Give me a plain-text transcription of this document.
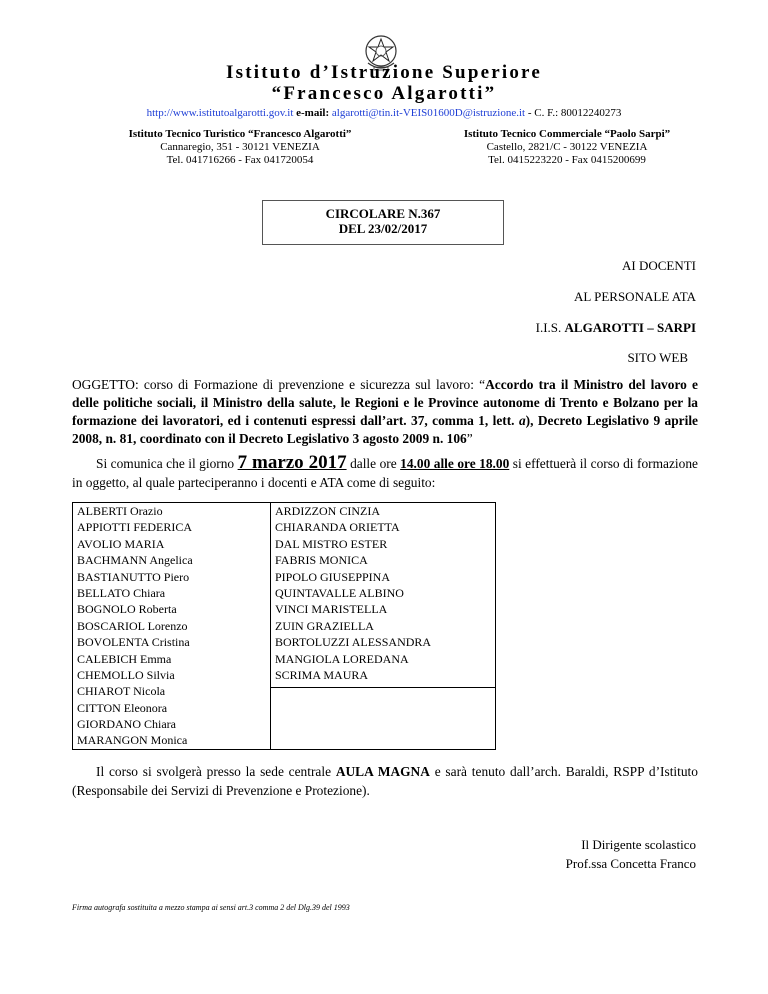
Istituto d’Istruzione Superiore
“Francesco Algarotti”
http://www.istitutoalgarotti.gov.it e-mail: algarotti@tin.it-VEIS01600D@istruzione.it - C. F.: 80012240273
Istituto Tecnico Turistico “Francesco Algarotti”
Cannaregio, 351 - 30121 VENEZIA
Tel. 041716266 - Fax 041720054
Istituto Tecnico Commerciale “Paolo Sarpi”
Castello, 2821/C - 30122 VENEZIA
Tel. 0415223220 - Fax 0415200699
CIRCOLARE N.367
DEL 23/02/2017
AI DOCENTI
AL PERSONALE ATA
I.I.S. ALGAROTTI – SARPI
SITO WEB
OGGETTO: corso di Formazione di prevenzione e sicurezza sul lavoro: “Accordo tra il Ministro del lavoro e delle politiche sociali, il Ministro della salute, le Regioni e le Province autonome di Trento e Bolzano per la formazione dei lavoratori, ed i contenuti espressi dall’art. 37, comma 1, lett. a), Decreto Legislativo 9 aprile 2008, n. 81, coordinato con il Decreto Legislativo 3 agosto 2009 n. 106”
Si comunica che il giorno 7 marzo 2017 dalle ore 14.00 alle ore 18.00 si effettuerà il corso di formazione in oggetto, al quale parteciperanno i docenti e ATA come di seguito:
ALBERTI Orazio
APPIOTTI FEDERICA
AVOLIO MARIA
BACHMANN Angelica
BASTIANUTTO Piero
BELLATO Chiara
BOGNOLO Roberta
BOSCARIOL Lorenzo
BOVOLENTA Cristina
CALEBICH Emma
CHEMOLLO Silvia
CHIAROT Nicola
CITTON Eleonora
GIORDANO Chiara
MARANGON Monica

ARDIZZON CINZIA
CHIARANDA ORIETTA
DAL MISTRO ESTER
FABRIS MONICA
PIPOLO GIUSEPPINA
QUINTAVALLE ALBINO
VINCI MARISTELLA
ZUIN GRAZIELLA
BORTOLUZZI ALESSANDRA
MANGIOLA LOREDANA
SCRIMA MAURA
Il corso si svolgerà presso la sede centrale AULA MAGNA e sarà tenuto dall’arch. Baraldi, RSPP d’Istituto (Responsabile dei Servizi di Prevenzione e Protezione).
Il Dirigente scolastico
Prof.ssa Concetta Franco
Firma autografa sostituita a mezzo stampa ai sensi art.3 comma 2 del Dlg.39 del 1993
